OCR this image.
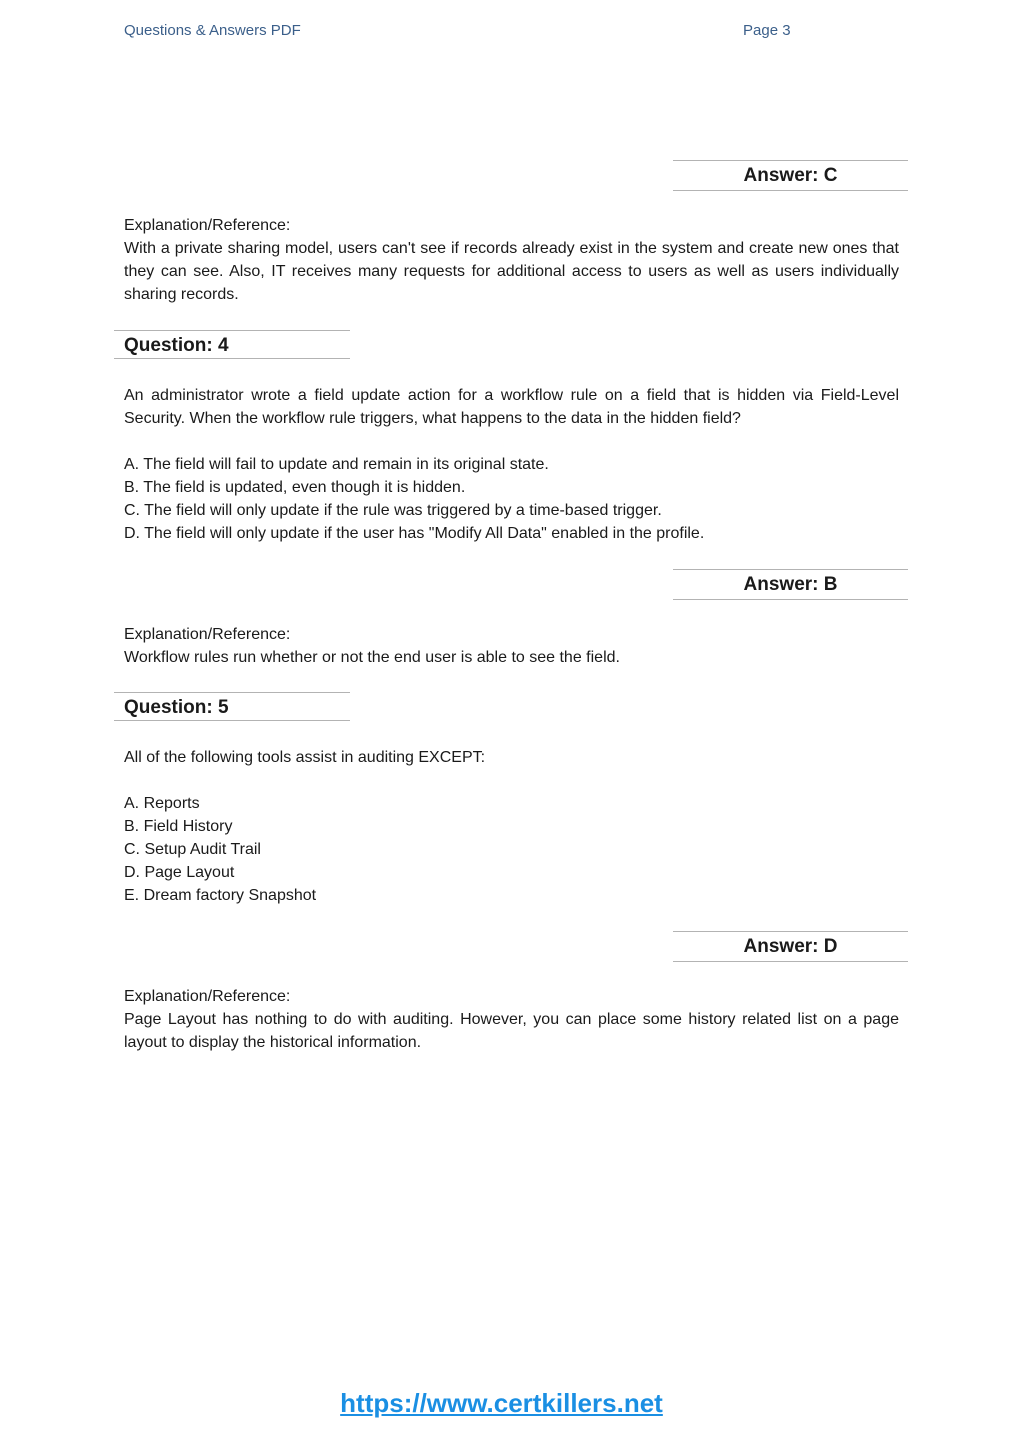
Questions & Answers PDF	Page 3
Answer: C

Explanation/Reference:

With a private sharing model, users can't see if records already exist in the system and create new ones that they can see. Also, IT receives many requests for additional access to users as well as users individually sharing records.

Question: 4
An administrator wrote a field update action for a workflow rule on a field that is hidden via Field-Level Security. When the workflow rule triggers, what happens to the data in the hidden field?
A. The field will fail to update and remain in its original state.
B. The field is updated, even though it is hidden.
C. The field will only update if the rule was triggered by a time-based trigger.
D. The field will only update if the user has "Modify All Data" enabled in the profile.
Answer: B

Explanation/Reference:

Workflow rules run whether or not the end user is able to see the field.

Question: 5
All of the following tools assist in auditing EXCEPT:
A. Reports
B. Field History
C. Setup Audit Trail
D. Page Layout
E. Dream factory Snapshot
Answer: D

Explanation/Reference:

Page Layout has nothing to do with auditing. However, you can place some history related list on a page layout to display the historical information.

https://www.certkillers.net
